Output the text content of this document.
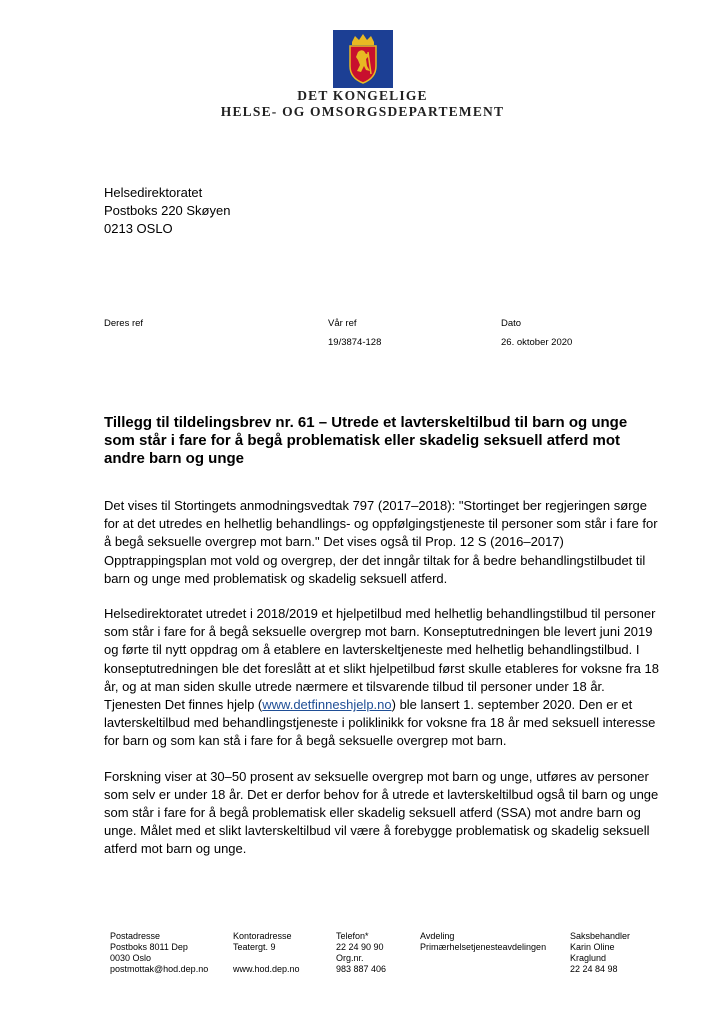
DET KONGELIGE
HELSE- OG OMSORGSDEPARTEMENT
Helsedirektoratet
Postboks 220 Skøyen
0213 OSLO
Deres ref	Vår ref
19/3874-128
Dato
26. oktober 2020
Tillegg til tildelingsbrev nr. 61 – Utrede et lavterskeltilbud til barn og unge som står i fare for å begå problematisk eller skadelig seksuell atferd mot andre barn og unge

Det vises til Stortingets anmodningsvedtak 797 (2017–2018): "Stortinget ber regjeringen sørge for at det utredes en helhetlig behandlings- og oppfølgingstjeneste til personer som står i fare for å begå seksuelle overgrep mot barn." Det vises også til Prop. 12 S (2016–2017) Opptrappingsplan mot vold og overgrep, der det inngår tiltak for å bedre behandlingstilbudet til barn og unge med problematisk og skadelig seksuell atferd.

Helsedirektoratet utredet i 2018/2019 et hjelpetilbud med helhetlig behandlingstilbud til personer som står i fare for å begå seksuelle overgrep mot barn. Konseptutredningen ble levert juni 2019 og førte til nytt oppdrag om å etablere en lavterskeltjeneste med helhetlig behandlingstilbud. I konseptutredningen ble det foreslått at et slikt hjelpetilbud først skulle etableres for voksne fra 18 år, og at man siden skulle utrede nærmere et tilsvarende tilbud til personer under 18 år. Tjenesten Det finnes hjelp (www.detfinneshjelp.no) ble lansert 1. september 2020. Den er et lavterskeltilbud med behandlingstjeneste i poliklinikk for voksne fra 18 år med seksuell interesse for barn og som kan stå i fare for å begå seksuelle overgrep mot barn.

Forskning viser at 30–50 prosent av seksuelle overgrep mot barn og unge, utføres av personer som selv er under 18 år. Det er derfor behov for å utrede et lavterskeltilbud også til barn og unge som står i fare for å begå problematisk eller skadelig seksuell atferd (SSA) mot andre barn og unge. Målet med et slikt lavterskeltilbud vil være å forebygge problematisk og skadelig seksuell atferd mot barn og unge.

Postadresse
Postboks 8011 Dep
0030 Oslo
postmottak@hod.dep.no
Kontoradresse
Teatergt. 9

www.hod.dep.no
Telefon*
22 24 90 90
Org.nr.
983 887 406
Avdeling
Primærhelsetjenesteavdelingen
Saksbehandler
Karin Oline
Kraglund
22 24 84 98
